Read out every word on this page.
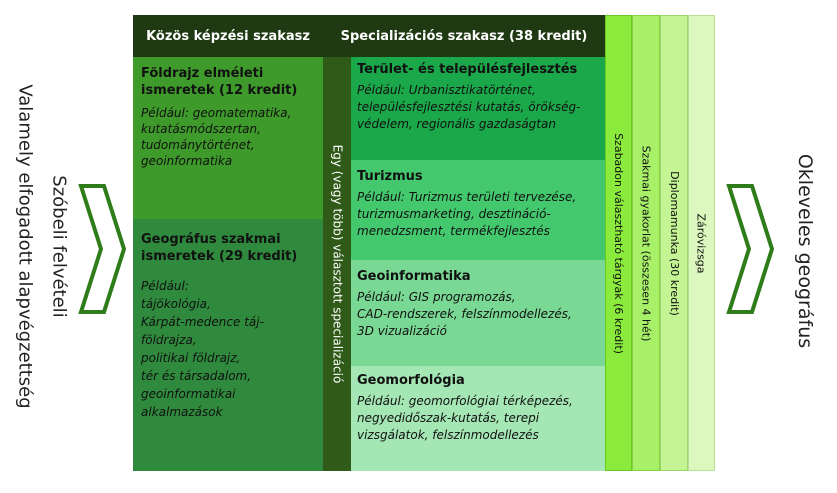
Valamely elfogadott alapvégzettség Szóbeli felvételi
Közös képzési szakasz	Specializációs szakasz (38 kredit)
Földrajz elméleti
ismeretek (12 kredit)
Például: geomatematika,
kutatásmódszertan,
tudománytörténet,
geoinformatika
Geográfus szakmai
ismeretek (29 kredit)
Például:
tájökológia,
Kárpát-medence táj-
földrajza,
politikai földrajz,
tér és társadalom,
geoinformatikai
alkalmazások
Egy (vagy több) választott specializáció
Terület- és településfejlesztés
Például: Urbanisztikatörténet,
településfejlesztési kutatás, örökség-
védelem, regionális gazdaságtan
Turizmus
Például: Turizmus területi tervezése,
turizmusmarketing, desztináció-
menedzsment, termékfejlesztés
Geoinformatika
Például: GIS programozás,
CAD-rendszerek, felszínmodellezés,
3D vizualizáció
Geomorfológia
Például: geomorfológiai térképezés,
negyedidőszak-kutatás, terepi
vizsgálatok, felszínmodellezés
Szabadon választható tárgyak (6 kredit) Szakmai gyakorlat (összesen 4 hét) Diplomamunka (30 kredit) Záróvizsga	Okleveles geográfus
